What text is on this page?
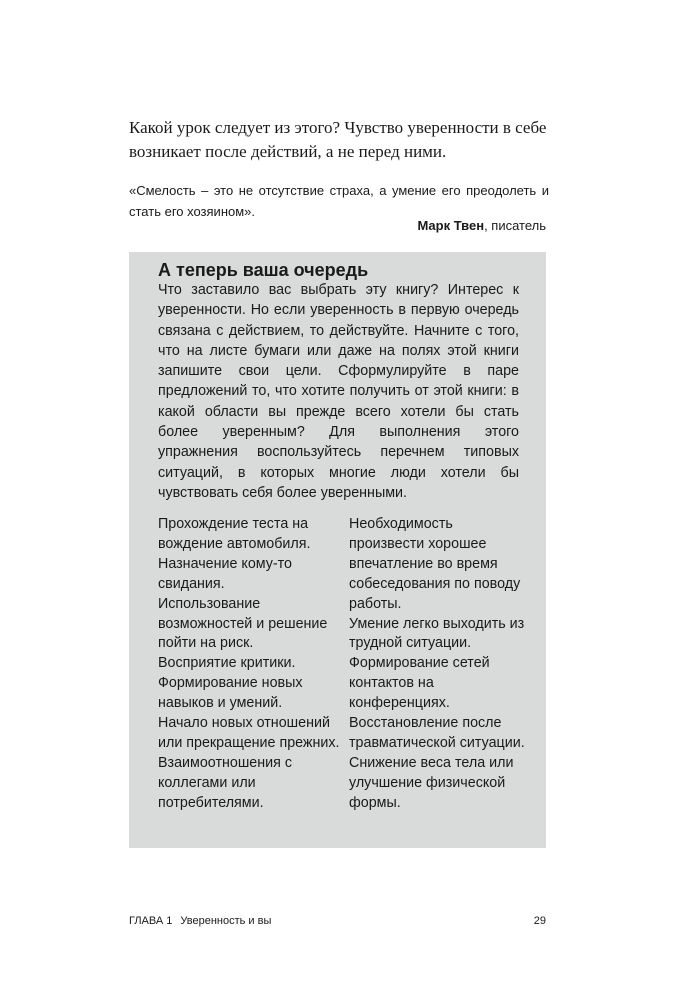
Какой урок следует из этого? Чувство уверенности в себе
возникает после действий, а не перед ними.

«Смелость – это не отсутствие страха, а умение его преодолеть и стать его хозяином».

Марк Твен, писатель

А теперь ваша очередь

Что заставило вас выбрать эту книгу? Интерес к уверенности. Но если уверенность в первую очередь связана с действием, то действуйте. Начните с того, что на листе бумаги или даже на полях этой книги запишите свои цели. Сформулируйте в паре предложений то, что хотите получить от этой книги: в какой области вы прежде всего хотели бы стать более уверенным? Для выполнения этого упражнения воспользуйтесь перечнем типовых ситуаций, в которых многие люди хотели бы чувствовать себя более уверенными.

Прохождение теста на вождение автомобиля.
Назначение кому-то свидания.
Использование возможностей и решение пойти на риск.
Восприятие критики.
Формирование новых навыков и умений.
Начало новых отношений или прекращение прежних.
Взаимоотношения с коллегами или потребителями.
Необходимость произвести хорошее впечатление во время собеседования по поводу работы.
Умение легко выходить из трудной ситуации.
Формирование сетей контактов на конференциях.
Восстановление после травматической ситуации.
Снижение веса тела или улучшение физической формы.
ГЛАВА 1 Уверенность и вы	29
